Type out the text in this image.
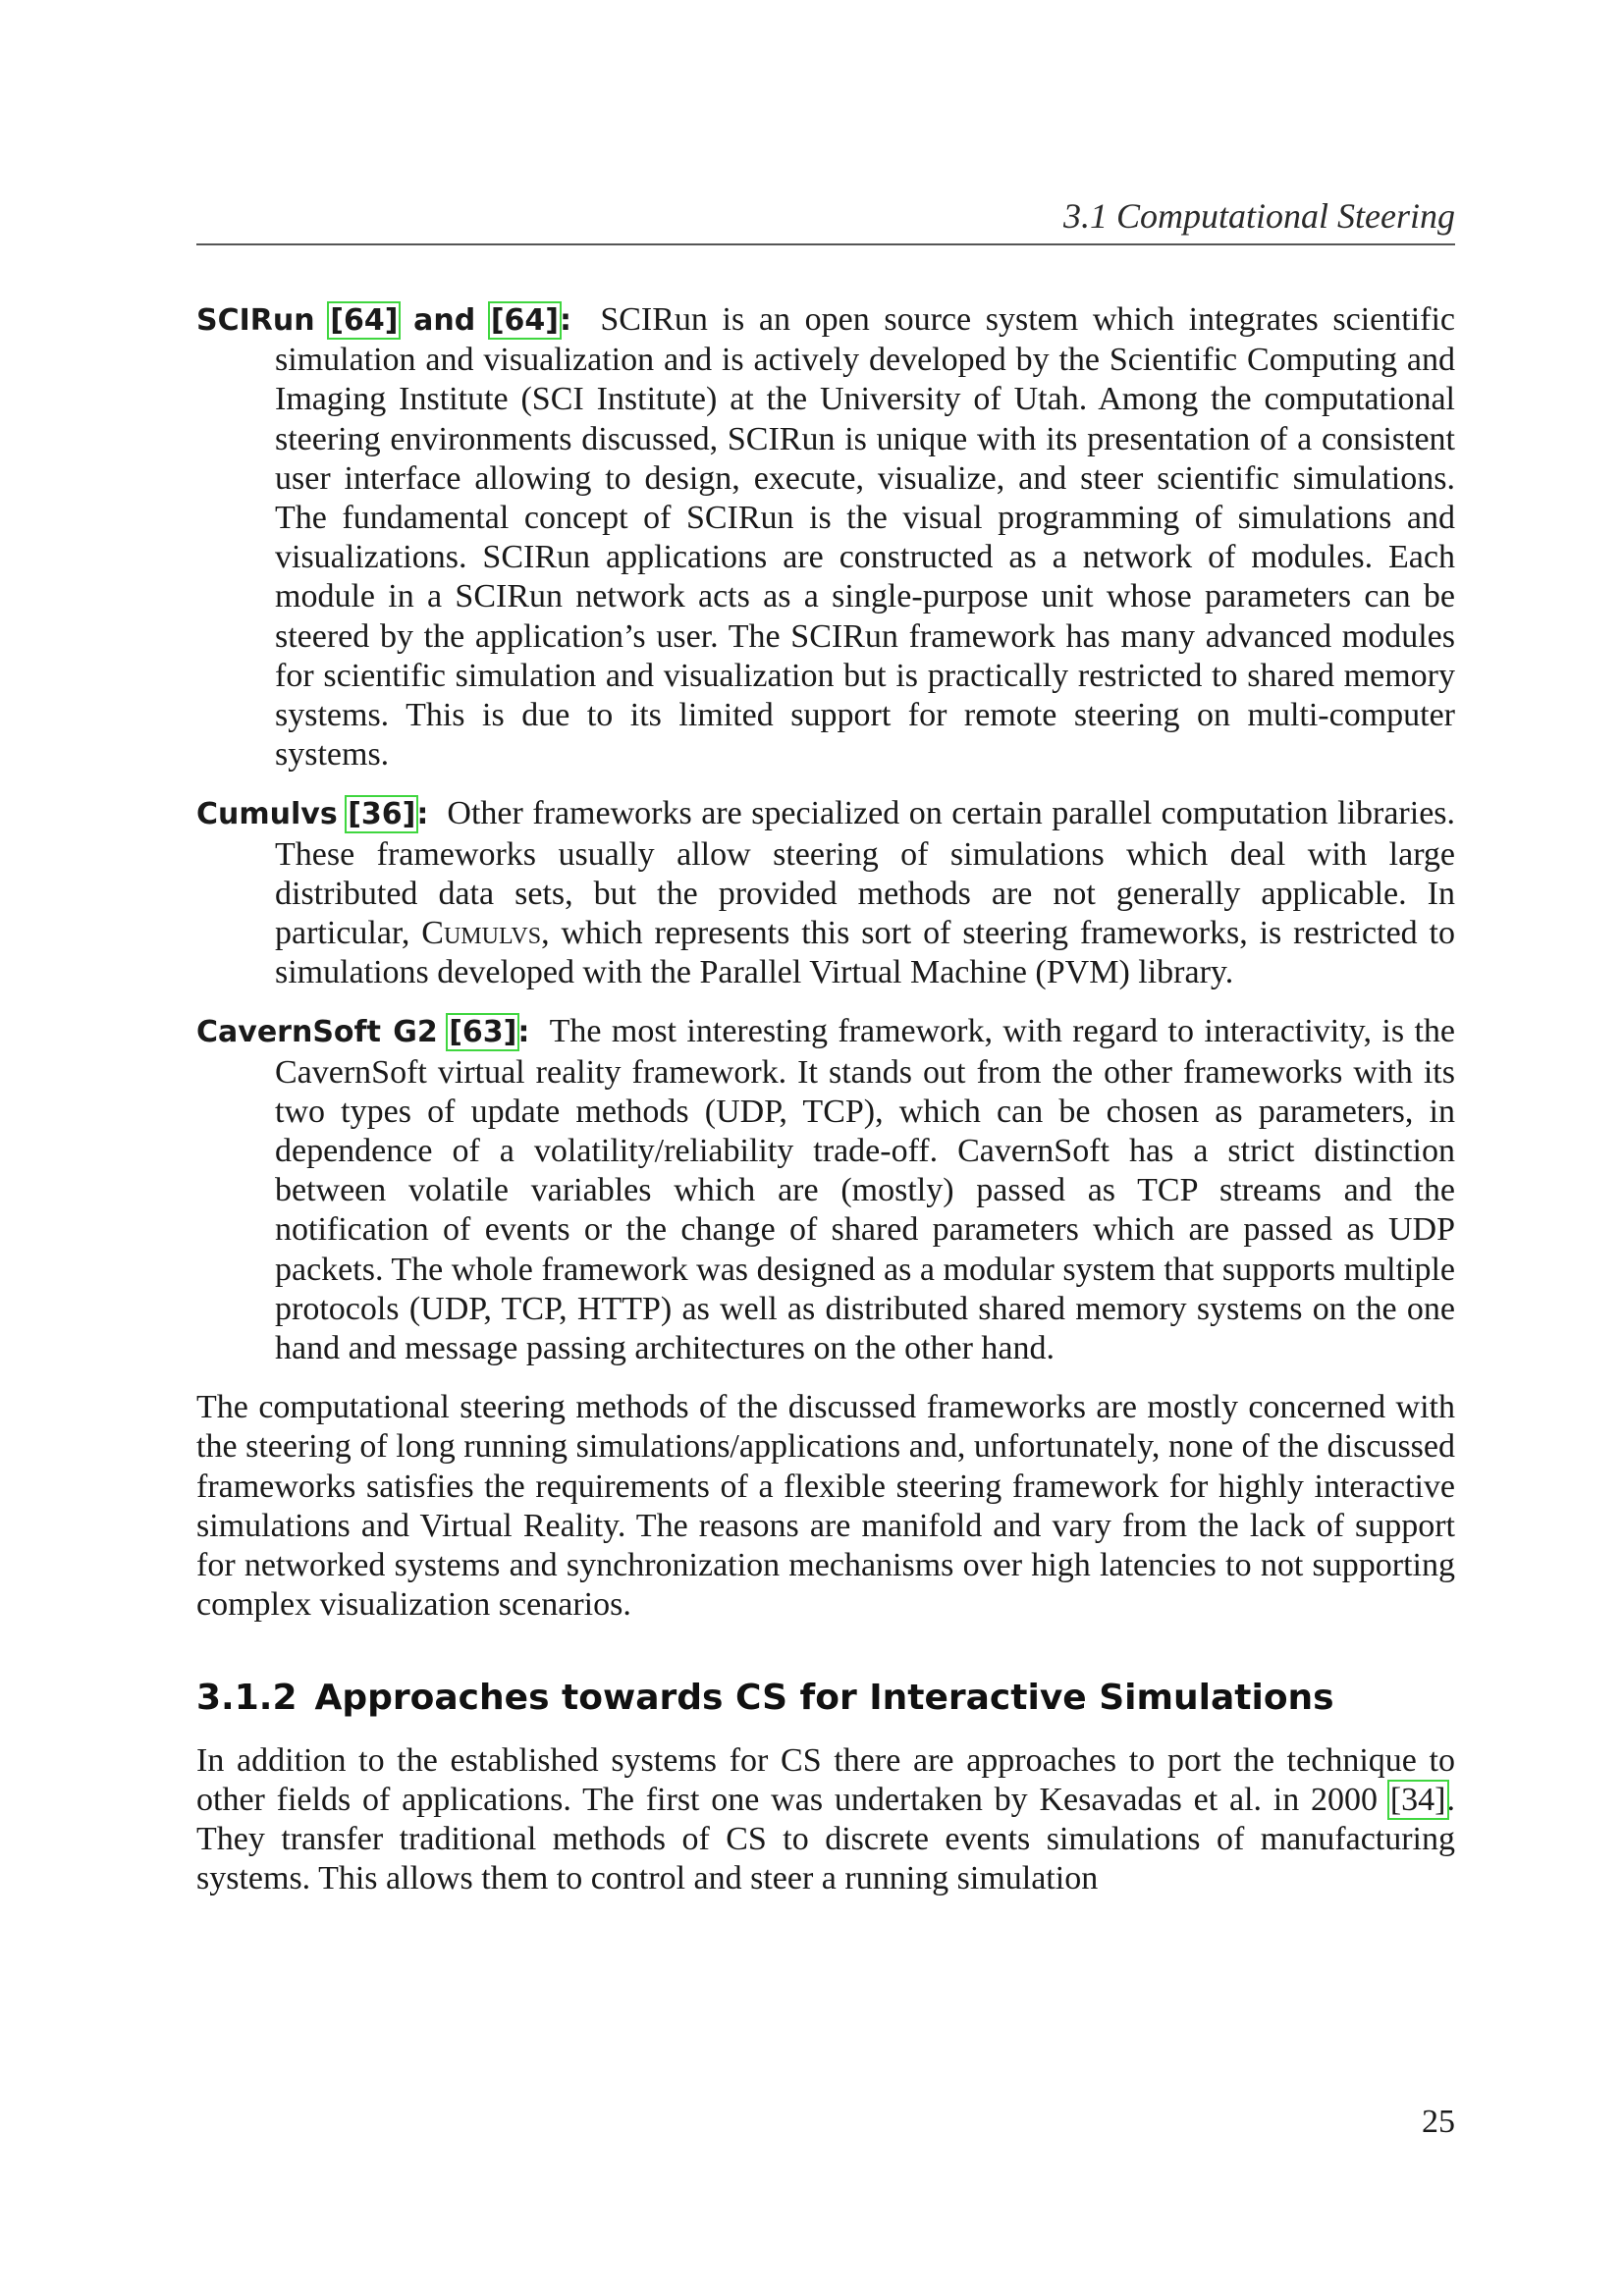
3.1 Computational Steering

SCIRun [64] and [64]: SCIRun is an open source system which integrates scientific simulation and visualization and is actively developed by the Scientific Computing and Imaging Institute (SCI Institute) at the University of Utah. Among the computational steering environments discussed, SCIRun is unique with its presentation of a consistent user interface allowing to design, execute, visualize, and steer scientific simulations. The fundamental concept of SCIRun is the visual programming of simulations and visualizations. SCIRun applications are constructed as a network of modules. Each module in a SCIRun network acts as a single-purpose unit whose parameters can be steered by the application’s user. The SCIRun framework has many advanced modules for scientific simulation and visualization but is practically restricted to shared memory systems. This is due to its limited support for remote steering on multi-computer systems.

Cumulvs [36]: Other frameworks are specialized on certain parallel computation libraries. These frameworks usually allow steering of simulations which deal with large distributed data sets, but the provided methods are not generally applicable. In particular, Cumulvs, which represents this sort of steering frameworks, is restricted to simulations developed with the Parallel Virtual Machine (PVM) library.

CavernSoft G2 [63]: The most interesting framework, with regard to interactivity, is the CavernSoft virtual reality framework. It stands out from the other frameworks with its two types of update methods (UDP, TCP), which can be chosen as parameters, in dependence of a volatility/reliability trade-off. CavernSoft has a strict distinction between volatile variables which are (mostly) passed as TCP streams and the notification of events or the change of shared parameters which are passed as UDP packets. The whole framework was designed as a modular system that supports multiple protocols (UDP, TCP, HTTP) as well as distributed shared memory systems on the one hand and message passing architectures on the other hand.

The computational steering methods of the discussed frameworks are mostly concerned with the steering of long running simulations/applications and, unfortunately, none of the discussed frameworks satisfies the requirements of a flexible steering framework for highly interactive simulations and Virtual Reality. The reasons are manifold and vary from the lack of support for networked systems and synchronization mechanisms over high latencies to not supporting complex visualization scenarios.

3.1.2 Approaches towards CS for Interactive Simulations

In addition to the established systems for CS there are approaches to port the technique to other fields of applications. The first one was undertaken by Kesavadas et al. in 2000 [34]. They transfer traditional methods of CS to discrete events simulations of manufacturing systems. This allows them to control and steer a running simulation

25
